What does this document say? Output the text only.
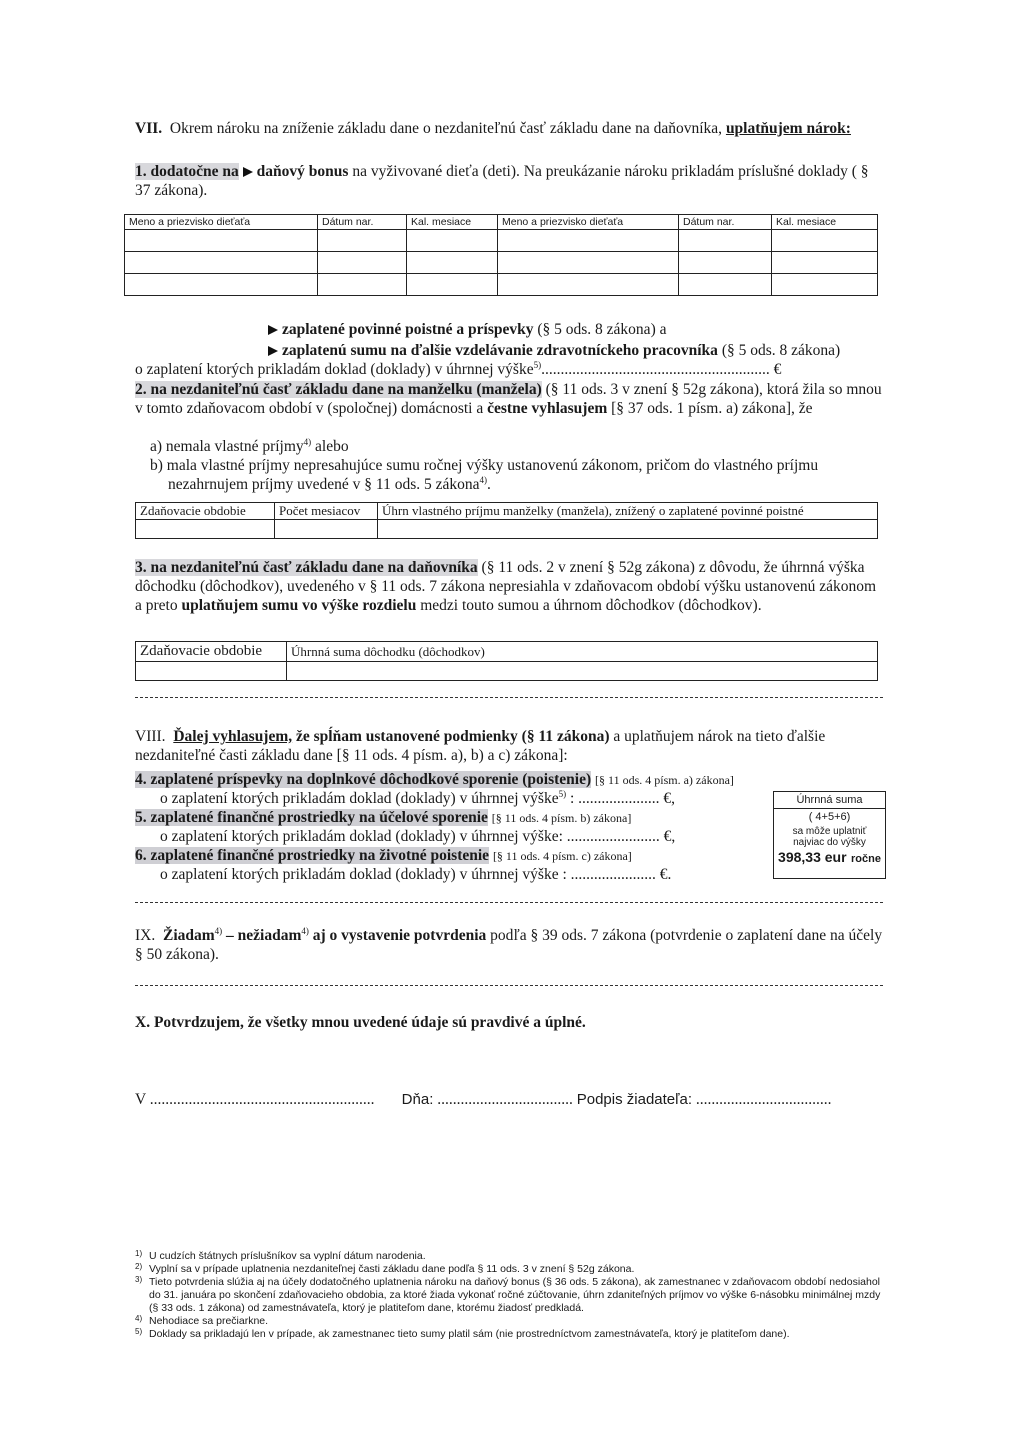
VII. Okrem nároku na zníženie základu dane o nezdaniteľnú časť základu dane na daňovníka, uplatňujem nárok:

1. dodatočne na daňový bonus na vyživované dieťa (deti). Na preukázanie nároku prikladám príslušné doklady ( § 37 zákona).

Meno a priezvisko dieťaťa	Dátum nar.	Kal. mesiace	Meno a priezvisko dieťaťa	Dátum nar.	Kal. mesiace

zaplatené povinné poistné a príspevky (§ 5 ods. 8 zákona) a

zaplatenú sumu na ďalšie vzdelávanie zdravotníckeho pracovníka (§ 5 ods. 8 zákona)

o zaplatení ktorých prikladám doklad (doklady) v úhrnnej výške$^{5)}$........................................................... €

2. na nezdaniteľnú časť základu dane na manželku (manžela) (§ 11 ods. 3 v znení § 52g zákona), ktorá žila so mnou v tomto zdaňovacom období v (spoločnej) domácnosti a čestne vyhlasujem [§ 37 ods. 1 písm. a) zákona], že

a) nemala vlastné príjmy$^{4)}$ alebo

b) mala vlastné príjmy nepresahujúce sumu ročnej výšky ustanovenú zákonom, pričom do vlastného príjmu nezahrnujem príjmy uvedené v § 11 ods. 5 zákona$^{4)}$.

Zdaňovacie obdobie	Počet mesiacov	Úhrn vlastného príjmu manželky (manžela), znížený o zaplatené povinné poistné

3. na nezdaniteľnú časť základu dane na daňovníka (§ 11 ods. 2 v znení § 52g zákona) z dôvodu, že úhrnná výška dôchodku (dôchodkov), uvedeného v § 11 ods. 7 zákona nepresiahla v zdaňovacom období výšku ustanovenú zákonom a preto uplatňujem sumu vo výške rozdielu medzi touto sumou a úhrnom dôchodkov (dôchodkov).

Zdaňovacie obdobie	Úhrnná suma dôchodku (dôchodkov)

VIII. Ďalej vyhlasujem, že spĺňam ustanovené podmienky (§ 11 zákona) a uplatňujem nárok na tieto ďalšie nezdaniteľné časti základu dane [§ 11 ods. 4 písm. a), b) a c) zákona]:

4. zaplatené príspevky na doplnkové dôchodkové sporenie (poistenie) [§ 11 ods. 4 písm. a) zákona]

o zaplatení ktorých prikladám doklad (doklady) v úhrnnej výške$^{5)}$ : ..................... €,

5. zaplatené finančné prostriedky na účelové sporenie [§ 11 ods. 4 písm. b) zákona]

o zaplatení ktorých prikladám doklad (doklady) v úhrnnej výške: ........................ €,

6. zaplatené finančné prostriedky na životné poistenie [§ 11 ods. 4 písm. c) zákona]

o zaplatení ktorých prikladám doklad (doklady) v úhrnnej výške : ...................... €.

Úhrnná suma
( 4+5+6)
sa môže uplatniť
najviac do výšky
398,33 eur ročne

IX. Žiadam$^{4)}$ – nežiadam$^{4)}$ aj o vystavenie potvrdenia podľa § 39 ods. 7 zákona (potvrdenie o zaplatení dane na účely § 50 zákona).

X. Potvrdzujem, že všetky mnou uvedené údaje sú pravdivé a úplné.

V .......................................................... Dňa: ................................... Podpis žiadateľa: ...................................

1) U cudzích štátnych príslušníkov sa vyplní dátum narodenia.
2) Vyplní sa v prípade uplatnenia nezdaniteľnej časti základu dane podľa § 11 ods. 3 v znení § 52g zákona.
3) Tieto potvrdenia slúžia aj na účely dodatočného uplatnenia nároku na daňový bonus (§ 36 ods. 5 zákona), ak zamestnanec v zdaňovacom období nedosiahol do 31. januára po skončení zdaňovacieho obdobia, za ktoré žiada vykonať ročné zúčtovanie, úhrn zdaniteľných príjmov vo výške 6-násobku minimálnej mzdy (§ 33 ods. 1 zákona) od zamestnávateľa, ktorý je platiteľom dane, ktorému žiadosť predkladá.
4) Nehodiace sa prečiarkne.
5) Doklady sa prikladajú len v prípade, ak zamestnanec tieto sumy platil sám (nie prostredníctvom zamestnávateľa, ktorý je platiteľom dane).
